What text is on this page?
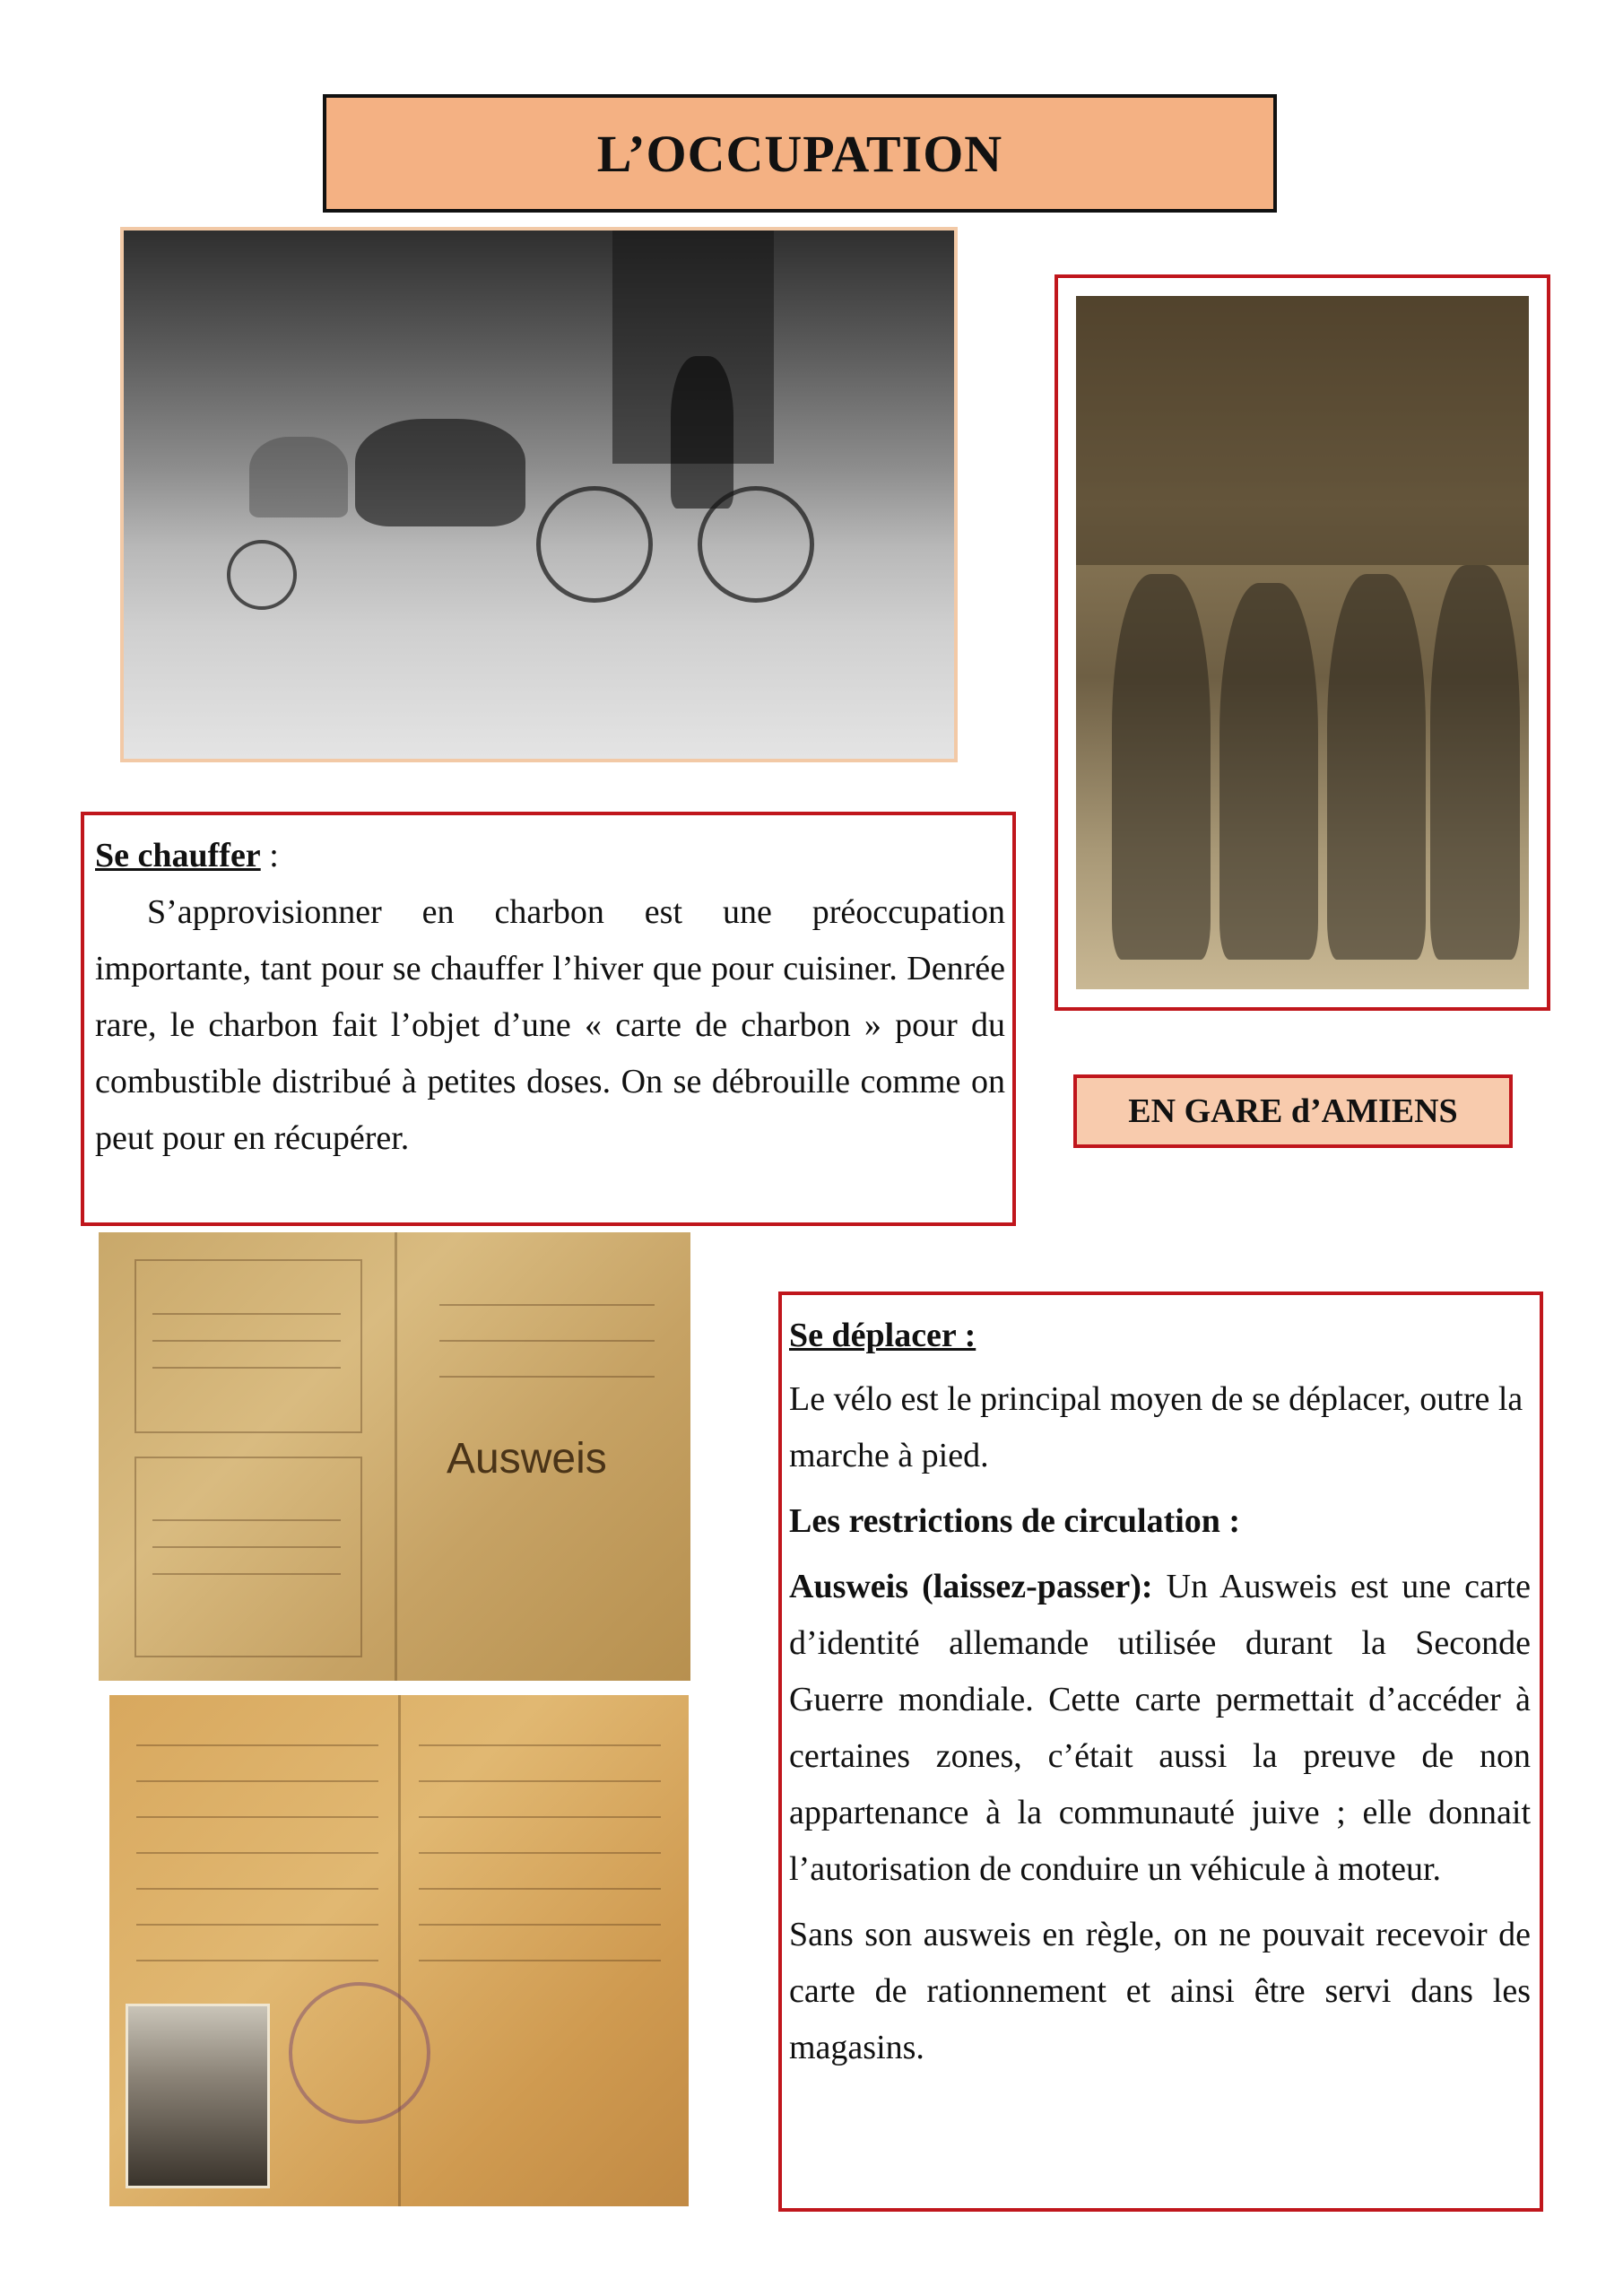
L’OCCUPATION
Se chauffer :

S’approvisionner en charbon est une préoccupation importante, tant pour se chauffer l’hiver que pour cuisiner. Denrée rare, le charbon fait l’objet d’une « carte de charbon » pour du combustible distribué à petites doses. On se débrouille comme on peut pour en récupérer.

EN GARE d’AMIENS
Ausweis
Se déplacer :

Le vélo est le principal moyen de se déplacer, outre la marche à pied.

Les restrictions de circulation :

Ausweis (laissez-passer): Un Ausweis est une carte d’identité allemande utilisée durant la Seconde Guerre mondiale. Cette carte permettait d’accéder à certaines zones, c’était aussi la preuve de non appartenance à la communauté juive ; elle donnait l’autorisation de conduire un véhicule à moteur.

Sans son ausweis en règle, on ne pouvait recevoir de carte de rationnement et ainsi être servi dans les magasins.
